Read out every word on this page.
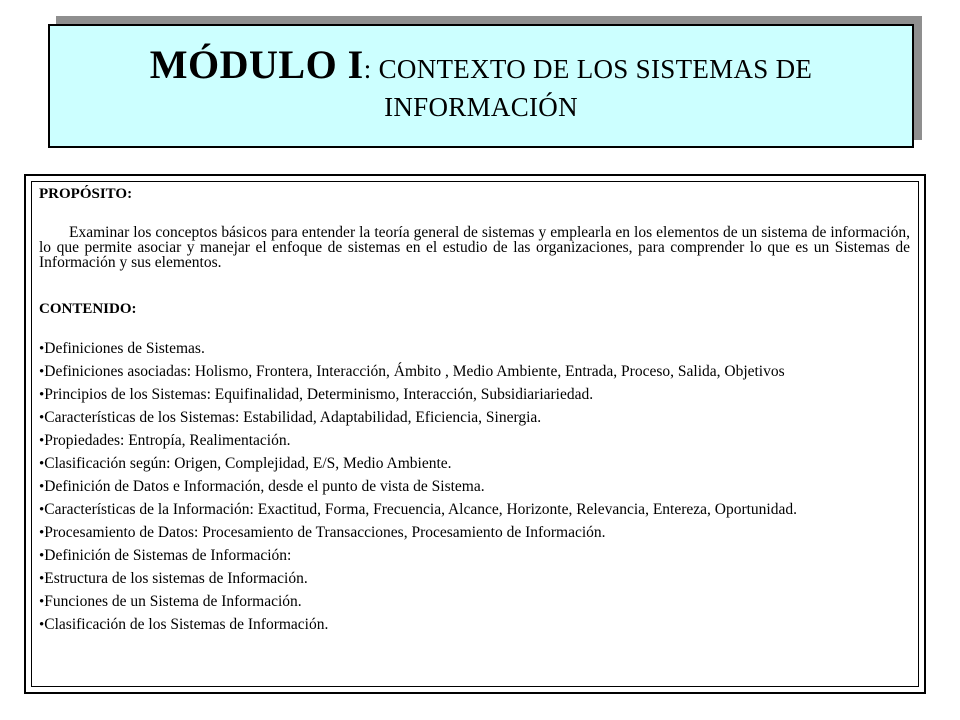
MÓDULO I: CONTEXTO DE LOS SISTEMAS DE INFORMACIÓN

PROPÓSITO:

Examinar los conceptos básicos para entender la teoría general de sistemas y emplearla en los elementos de un sistema de información, lo que permite asociar y manejar el enfoque de sistemas en el estudio de las organizaciones, para comprender lo que es un Sistemas de Información y sus elementos.

CONTENIDO:

•Definiciones de Sistemas.
•Definiciones asociadas: Holismo, Frontera, Interacción, Ámbito , Medio Ambiente, Entrada, Proceso, Salida, Objetivos
•Principios de los Sistemas: Equifinalidad, Determinismo, Interacción, Subsidiariariedad.
•Características de los Sistemas: Estabilidad, Adaptabilidad, Eficiencia, Sinergia.
•Propiedades: Entropía, Realimentación.
•Clasificación según: Origen, Complejidad, E/S, Medio Ambiente.
•Definición de Datos e Información, desde el punto de vista de Sistema.
•Características de la Información: Exactitud, Forma, Frecuencia, Alcance, Horizonte, Relevancia, Entereza, Oportunidad.
•Procesamiento de Datos: Procesamiento de Transacciones, Procesamiento de Información.
•Definición de Sistemas de Información:
•Estructura de los sistemas de Información.
•Funciones de un Sistema de Información.
•Clasificación de los Sistemas de Información.
